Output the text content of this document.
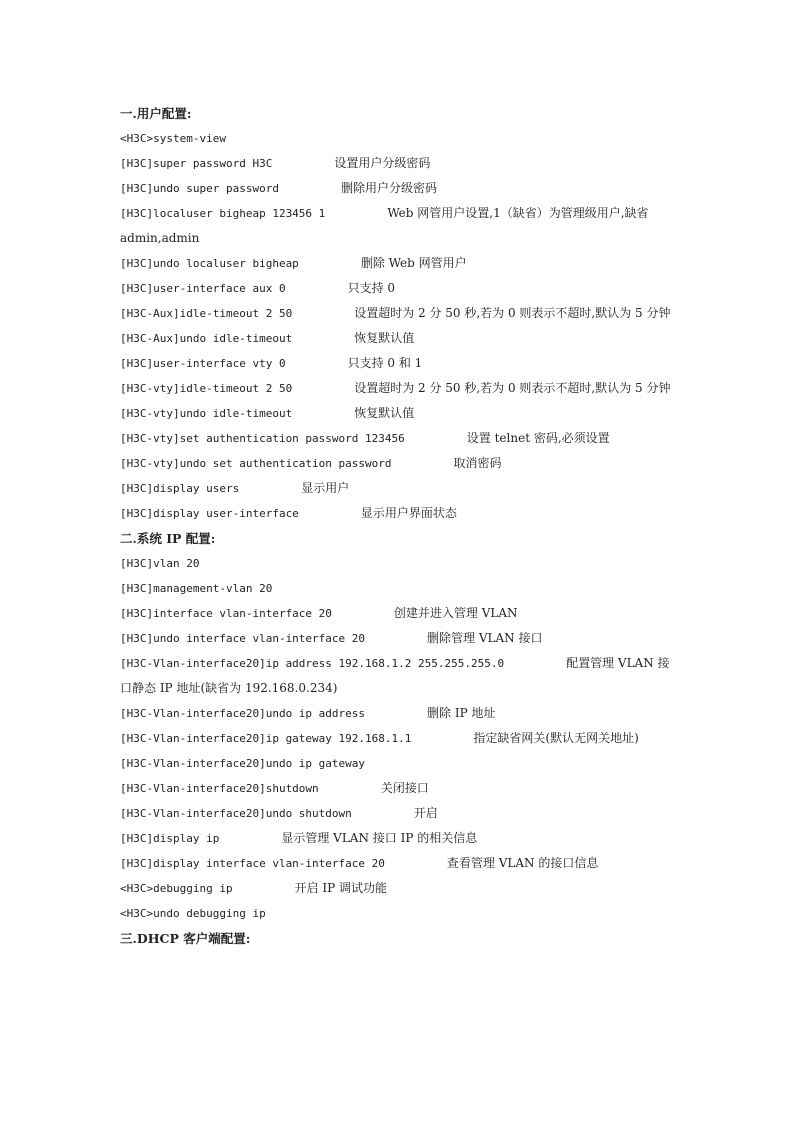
一.用户配置:
<H3C>system-view
[H3C]super password H3C	设置用户分级密码
[H3C]undo super password	删除用户分级密码
[H3C]localuser bigheap 123456 1	Web 网管用户设置,1（缺省）为管理级用户,缺省 admin,admin
[H3C]undo localuser bigheap	删除 Web 网管用户
[H3C]user-interface aux 0	只支持 0
[H3C-Aux]idle-timeout 2 50	设置超时为 2 分 50 秒,若为 0 则表示不超时,默认为 5 分钟
[H3C-Aux]undo idle-timeout	恢复默认值
[H3C]user-interface vty 0	只支持 0 和 1
[H3C-vty]idle-timeout 2 50	设置超时为 2 分 50 秒,若为 0 则表示不超时,默认为 5 分钟
[H3C-vty]undo idle-timeout	恢复默认值
[H3C-vty]set authentication password 123456	设置 telnet 密码,必须设置
[H3C-vty]undo set authentication password	取消密码
[H3C]display users	显示用户
[H3C]display user-interface	显示用户界面状态
二.系统 IP 配置:
[H3C]vlan 20
[H3C]management-vlan 20
[H3C]interface vlan-interface 20	创建并进入管理 VLAN
[H3C]undo interface vlan-interface 20	删除管理 VLAN 接口
[H3C-Vlan-interface20]ip address 192.168.1.2 255.255.255.0	配置管理 VLAN 接口静态 IP 地址(缺省为 192.168.0.234)
[H3C-Vlan-interface20]undo ip address	删除 IP 地址
[H3C-Vlan-interface20]ip gateway 192.168.1.1	指定缺省网关(默认无网关地址)
[H3C-Vlan-interface20]undo ip gateway
[H3C-Vlan-interface20]shutdown	关闭接口
[H3C-Vlan-interface20]undo shutdown	开启
[H3C]display ip	显示管理 VLAN 接口 IP 的相关信息
[H3C]display interface vlan-interface 20	查看管理 VLAN 的接口信息
<H3C>debugging ip	开启 IP 调试功能
<H3C>undo debugging ip
三.DHCP 客户端配置:
